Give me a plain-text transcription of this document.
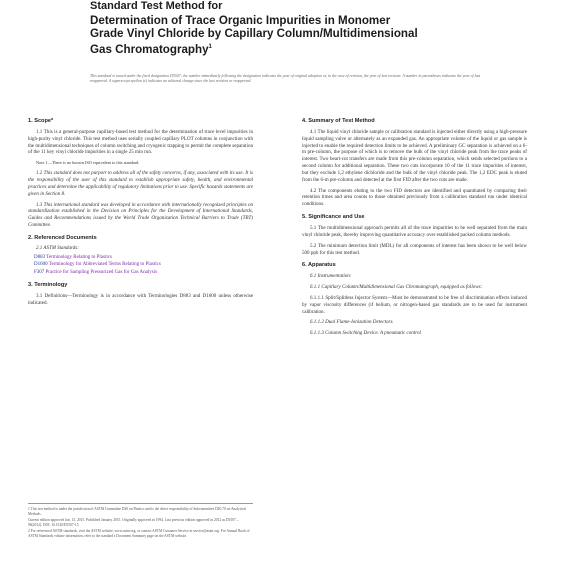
Standard Test Method for
Determination of Trace Organic Impurities in Monomer
Grade Vinyl Chloride by Capillary Column/Multidimensional
Gas Chromatography$^1$
This standard is issued under the fixed designation D5507; the number immediately following the designation indicates the year of original adoption or, in the case of revision, the year of last revision. A number in parentheses indicates the year of last reapproval. A superscript epsilon (ε) indicates an editorial change since the last revision or reapproval.
1. Scope*

1.1 This is a general-purpose capillary-based test method for the determination of trace level impurities in high-purity vinyl chloride. This test method uses serially coupled capillary PLOT columns in conjunction with the multidimensional techniques of column switching and cryogenic trapping to permit the complete separation of the 11 key vinyl chloride impurities in a single 25 min run.

Note 1—There is no known ISO equivalent to this standard.

1.2 This standard does not purport to address all of the safety concerns, if any, associated with its use. It is the responsibility of the user of this standard to establish appropriate safety, health, and environmental practices and determine the applicability of regulatory limitations prior to use. Specific hazards statements are given in Section 8.

1.3 This international standard was developed in accordance with internationally recognized principles on standardization established in the Decision on Principles for the Development of International Standards, Guides and Recommendations issued by the World Trade Organization Technical Barriers to Trade (TBT) Committee.

2. Referenced Documents
2.1 ASTM Standards:
D883 Terminology Relating to Plastics
D1600 Terminology for Abbreviated Terms Relating to Plastics
F307 Practice for Sampling Pressurized Gas for Gas Analysis
3. Terminology

3.1 Definitions—Terminology is in accordance with Terminologies D883 and D1600 unless otherwise indicated.

1 This test method is under the jurisdiction of ASTM Committee D20 on Plastics and is the direct responsibility of Subcommittee D20.70 on Analytical Methods.
Current edition approved Jan. 15, 2015. Published January 2015. Originally approved in 1994. Last previous edition approved in 2012 as D5507 – 98(2012). DOI: 10.1520/D5507-15.
2 For referenced ASTM standards, visit the ASTM website, www.astm.org, or contact ASTM Customer Service at service@astm.org. For Annual Book of ASTM Standards volume information, refer to the standard's Document Summary page on the ASTM website.
4. Summary of Test Method

4.1 The liquid vinyl chloride sample or calibration standard is injected either directly using a high-pressure liquid sampling valve or alternately as an expanded gas. An appropriate volume of the liquid or gas sample is injected to enable the required detection limits to be achieved. A preliminary GC separation is achieved on a 6-m pre-column, the purpose of which is to remove the bulk of the vinyl chloride peak from the trace peaks of interest. Two heart-cut transfers are made from this pre-column separation, which sends selected portions to a second column for additional separation. These two cuts incorporate 10 of the 11 trace impurities of interest, but they exclude 1,2 ethylene dichloride and the bulk of the vinyl chloride peak. The 1,2 EDC peak is eluted from the 6-m pre-column and detected at the first FID after the two cuts are made.

4.2 The components eluting to the two FID detectors are identified and quantitated by comparing their retention times and area counts to those obtained previously from a calibration standard run under identical conditions.

5. Significance and Use

5.1 The multidimensional approach permits all of the trace impurities to be well separated from the main vinyl chloride peak, thereby improving quantitative accuracy over established packed column methods.

5.2 The minimum detection limit (MDL) for all components of interest has been shown to be well below 500 ppb for this test method.

6. Apparatus

6.1 Instrumentation:

6.1.1 Capillary Column/Multidimensional Gas Chromatograph, equipped as follows:

6.1.1.1 Split/Splitless Injector System—Must be demonstrated to be free of discrimination effects induced by vapor viscosity differences (if helium, or nitrogen-based gas standards are to be used for instrument calibration.

6.1.1.2 Dual Flame-Ionization Detectors.

6.1.1.3 Column Switching Device. A pneumatic control
